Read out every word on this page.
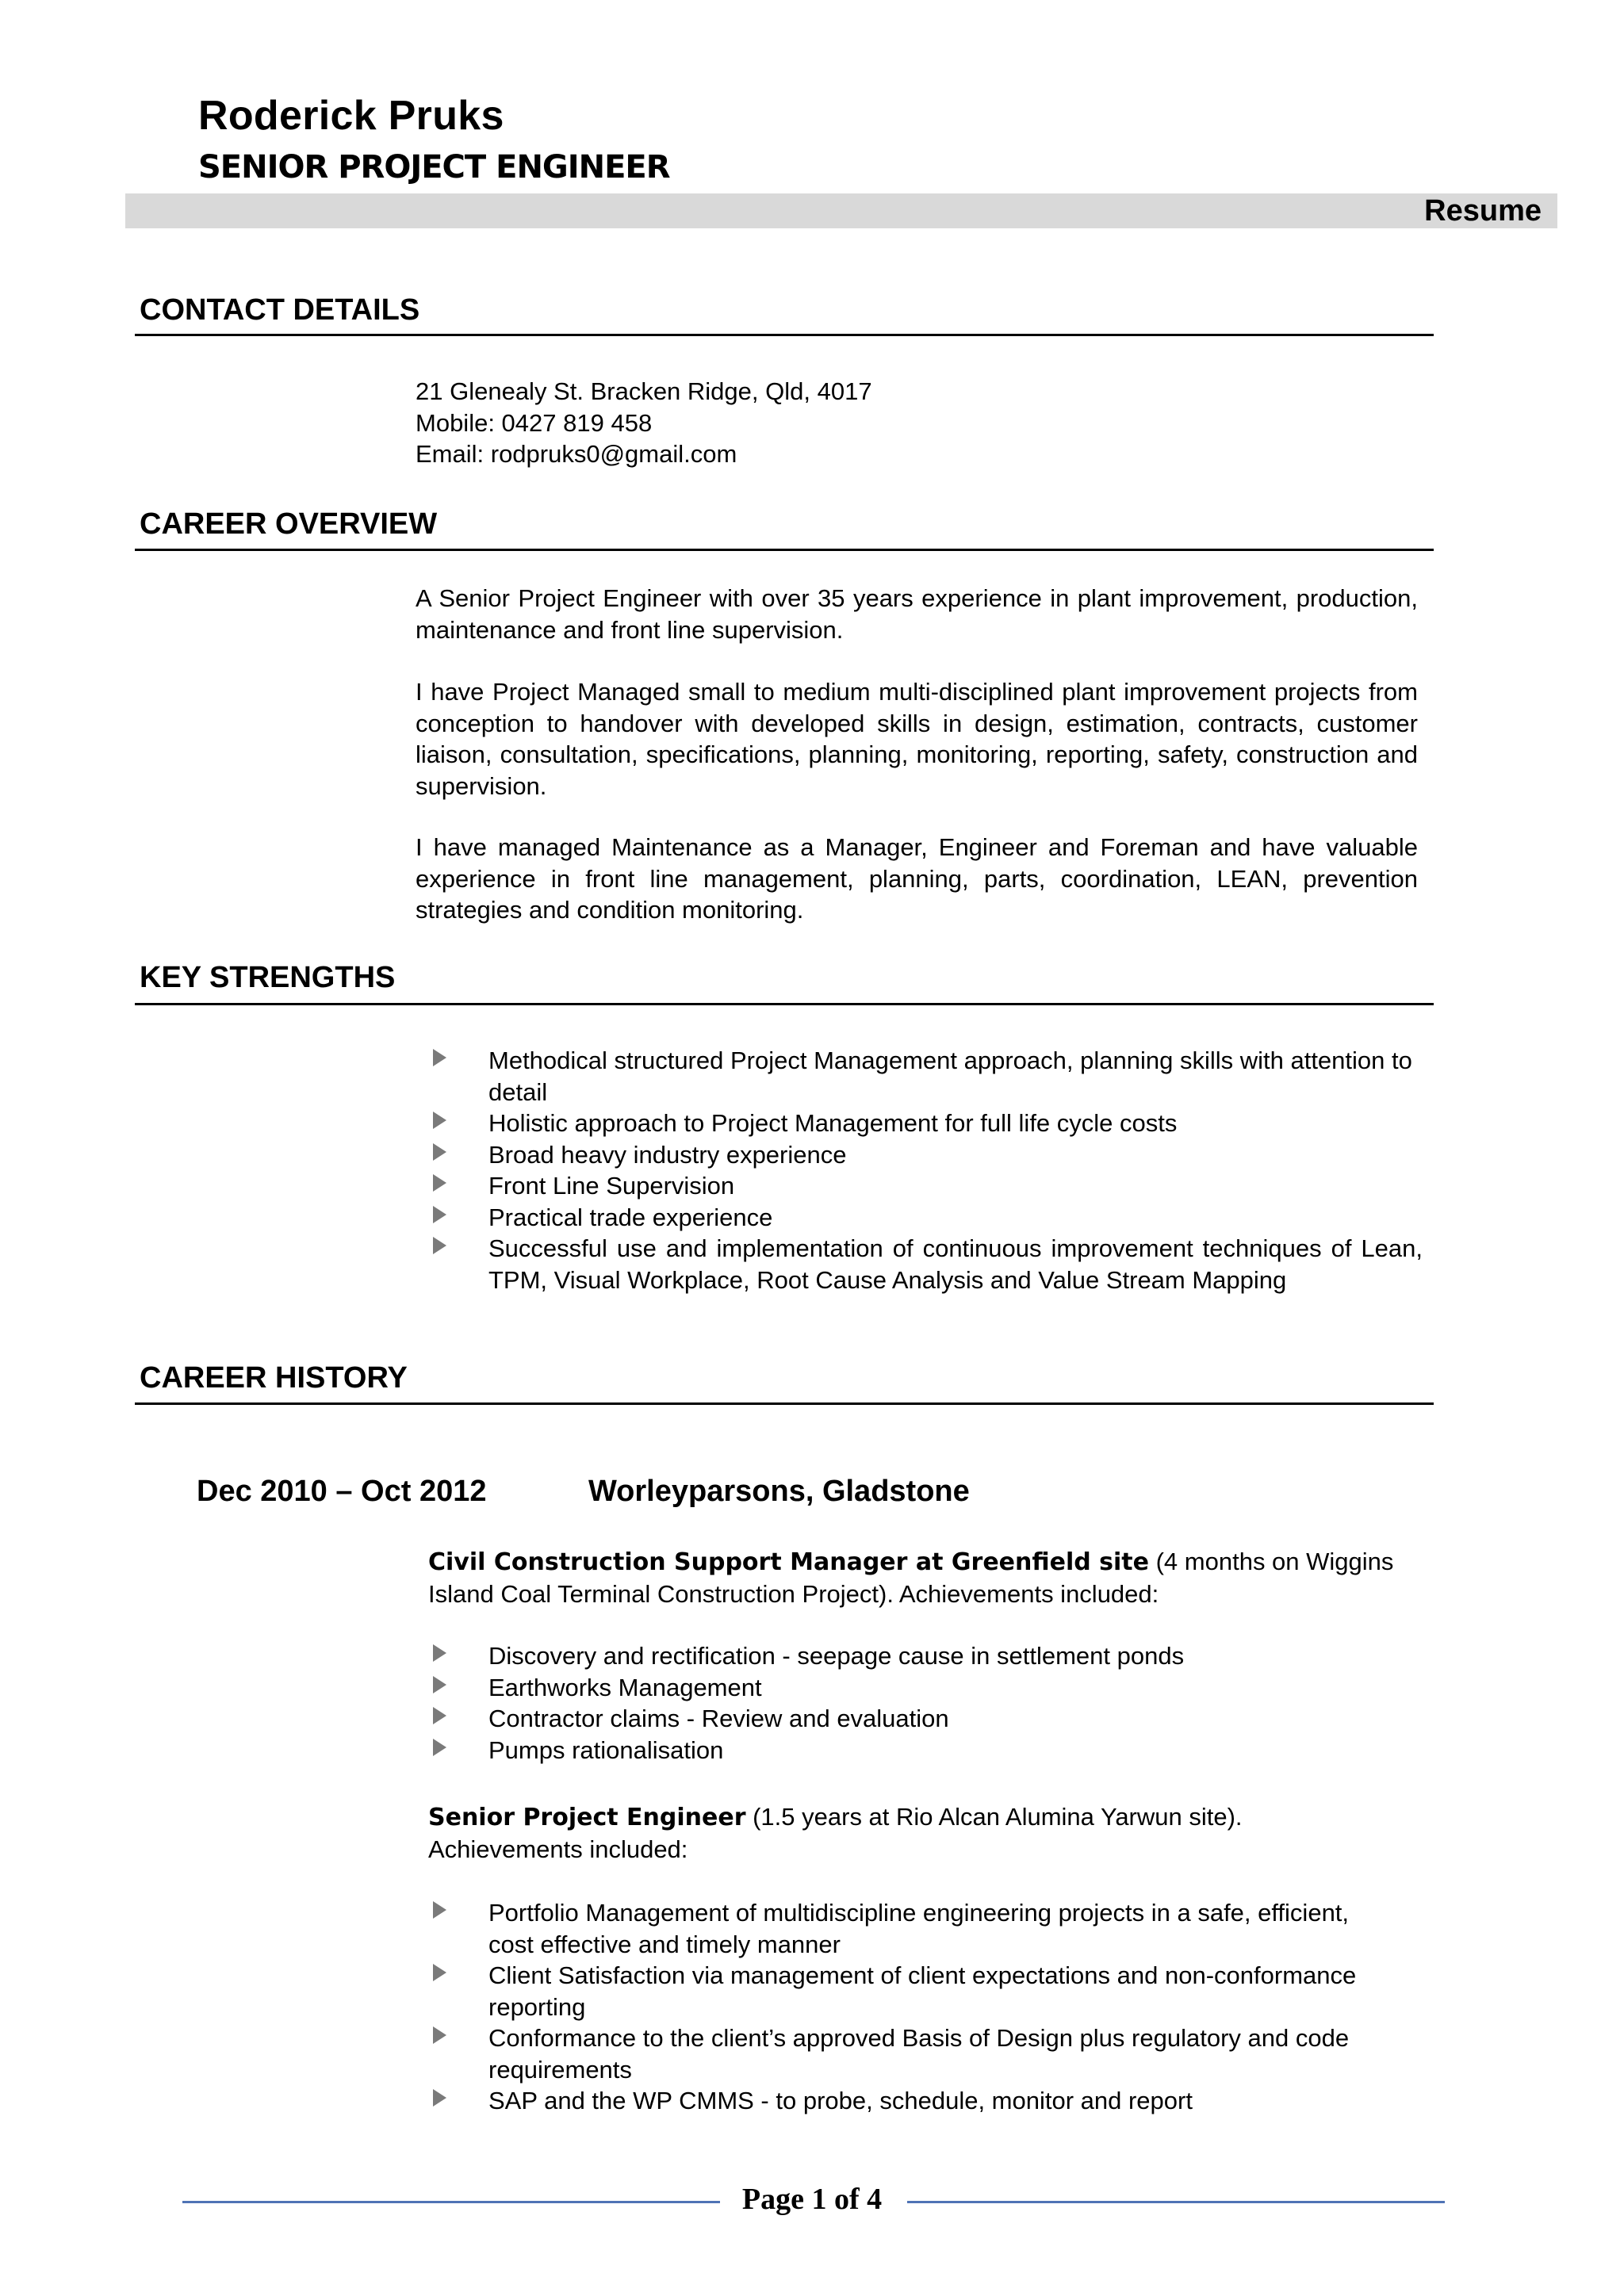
Roderick Pruks
SENIOR PROJECT ENGINEER
Resume
CONTACT DETAILS
21 Glenealy St. Bracken Ridge, Qld, 4017
Mobile: 0427 819 458
Email: rodpruks0@gmail.com
CAREER OVERVIEW
A Senior Project Engineer with over 35 years experience in plant improvement, production, maintenance and front line supervision.
I have Project Managed small to medium multi-disciplined plant improvement projects from conception to handover with developed skills in design, estimation, contracts, customer liaison, consultation, specifications, planning, monitoring, reporting, safety, construction and supervision.
I have managed Maintenance as a Manager, Engineer and Foreman and have valuable experience in front line management, planning, parts, coordination, LEAN, prevention strategies and condition monitoring.
KEY STRENGTHS
Methodical structured Project Management approach, planning skills with attention to detail
Holistic approach to Project Management for full life cycle costs
Broad heavy industry experience
Front Line Supervision
Practical trade experience
Successful use and implementation of continuous improvement techniques of Lean, TPM, Visual Workplace, Root Cause Analysis and Value Stream Mapping
CAREER HISTORY
Dec 2010 – Oct 2012	Worleyparsons, Gladstone
Civil Construction Support Manager at Greenfield site (4 months on Wiggins Island Coal Terminal Construction Project). Achievements included:
Discovery and rectification - seepage cause in settlement ponds
Earthworks Management
Contractor claims - Review and evaluation
Pumps rationalisation
Senior Project Engineer (1.5 years at Rio Alcan Alumina Yarwun site). Achievements included:
Portfolio Management of multidiscipline engineering projects in a safe, efficient, cost effective and timely manner
Client Satisfaction via management of client expectations and non-conformance reporting
Conformance to the client’s approved Basis of Design plus regulatory and code requirements
SAP and the WP CMMS - to probe, schedule, monitor and report
Page 1 of 4
